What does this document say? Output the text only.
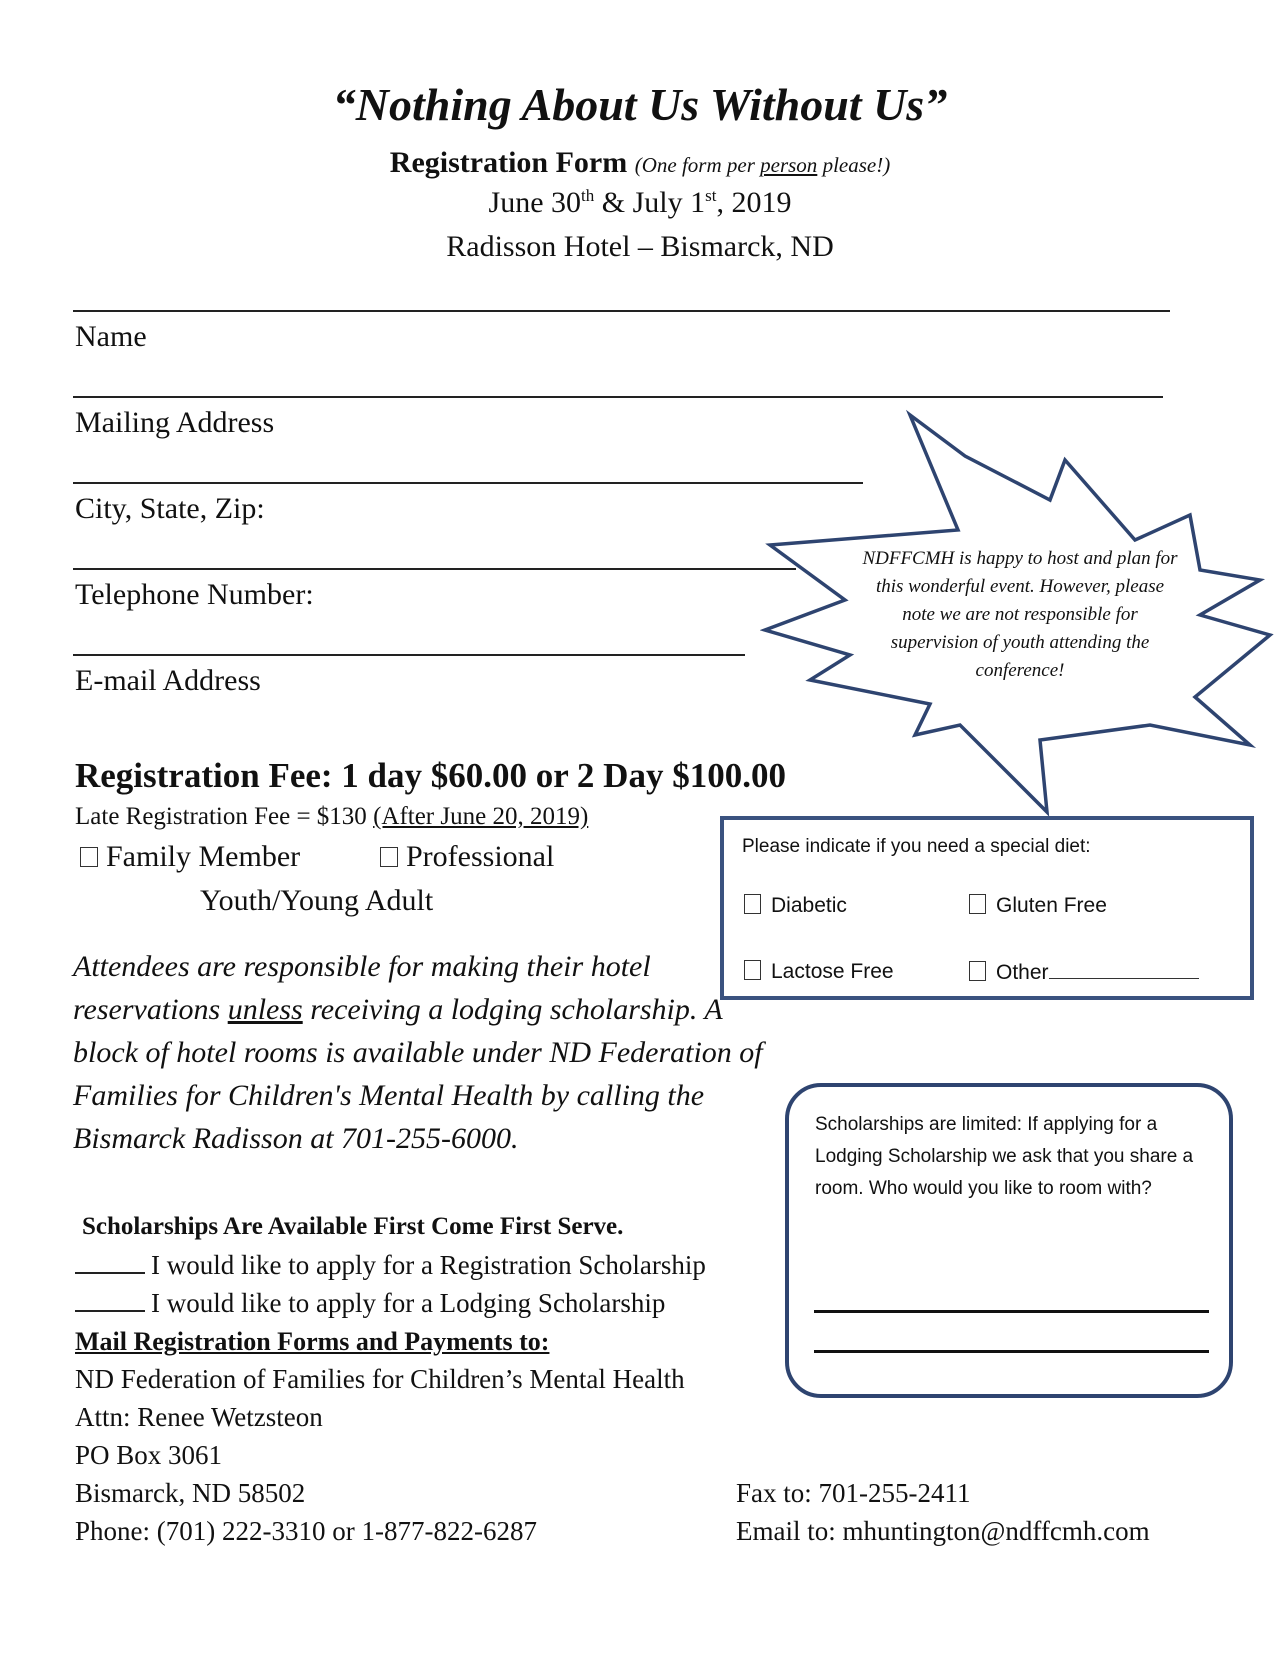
“Nothing About Us Without Us”
Registration Form (One form per person please!)
June 30th & July 1st, 2019
Radisson Hotel – Bismarck, ND
Name
Mailing Address
City, State, Zip:
Telephone Number:
E-mail Address
NDFFCMH is happy to host and plan for this wonderful event. However, please note we are not responsible for supervision of youth attending the conference!
Registration Fee: 1 day $60.00 or 2 Day $100.00
Late Registration Fee = $130 (After June 20, 2019)
Family Member	Professional
Youth/Young Adult
Please indicate if you need a special diet:
Diabetic	Gluten Free
Lactose Free	Other
Attendees are responsible for making their hotel reservations unless receiving a lodging scholarship. A block of hotel rooms is available under ND Federation of Families for Children's Mental Health by calling the Bismarck Radisson at 701-255-6000.	Scholarships are limited: If applying for a Lodging Scholarship we ask that you share a room. Who would you like to room with?
Scholarships Are Available First Come First Serve.
I would like to apply for a Registration Scholarship
I would like to apply for a Lodging Scholarship
Mail Registration Forms and Payments to:
ND Federation of Families for Children’s Mental Health
Attn: Renee Wetzsteon
PO Box 3061
Bismarck, ND 58502
Phone: (701) 222-3310 or 1-877-822-6287
Fax to: 701-255-2411
Email to: mhuntington@ndffcmh.com
